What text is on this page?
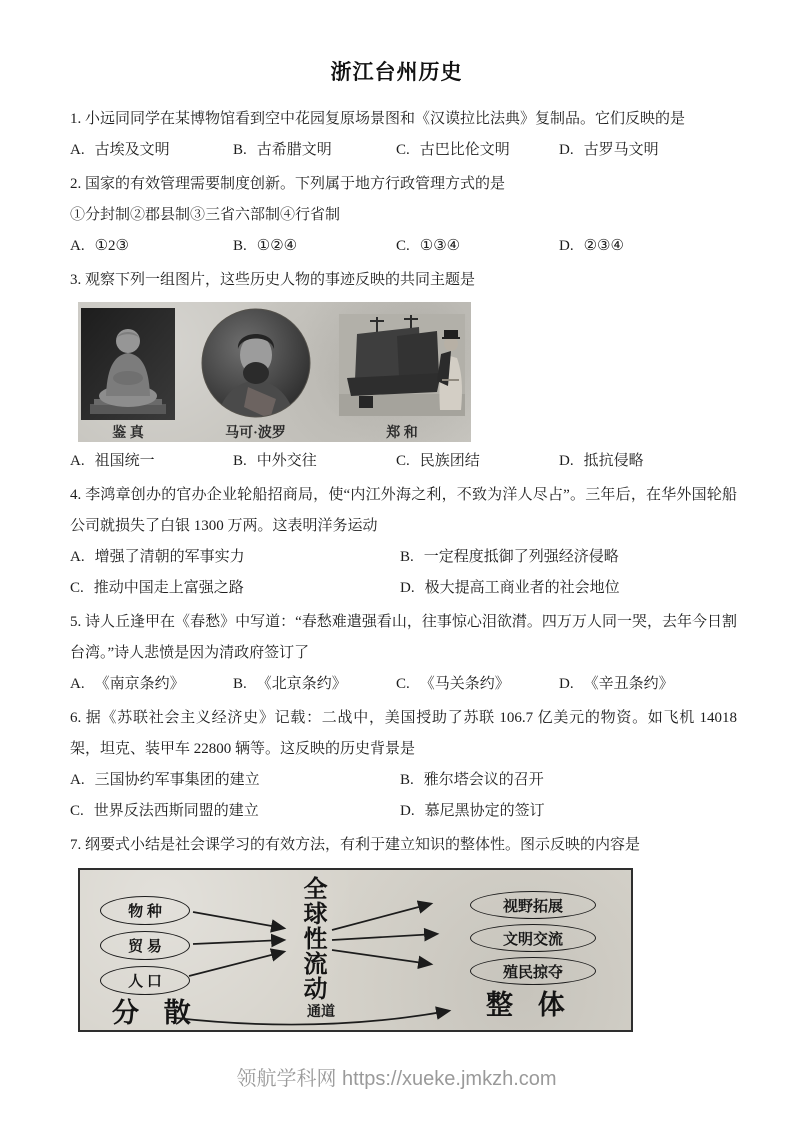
浙江台州历史

1. 小远同同学在某博物馆看到空中花园复原场景图和《汉谟拉比法典》复制品。它们反映的是

A. 古埃及文明	B. 古希腊文明	C. 古巴比伦文明	D. 古罗马文明

2. 国家的有效管理需要制度创新。下列属于地方行政管理方式的是

①分封制②郡县制③三省六部制④行省制

A. ①2③	B. ①②④	C. ①③④	D. ②③④

3. 观察下列一组图片，这些历史人物的事迹反映的共同主题是

鉴 真	马可·波罗	郑 和
A. 祖国统一	B. 中外交往	C. 民族团结	D. 抵抗侵略

4. 李鸿章创办的官办企业轮船招商局，使“内江外海之利，不致为洋人尽占”。三年后，在华外国轮船公司就损失了白银 1300 万两。这表明洋务运动

A. 增强了清朝的军事实力	B. 一定程度抵御了列强经济侵略
C. 推动中国走上富强之路	D. 极大提高工商业者的社会地位

5. 诗人丘逢甲在《春愁》中写道：“春愁难遣强看山，往事惊心泪欲潸。四万万人同一哭，去年今日割台湾。”诗人悲愤是因为清政府签订了

A. 《南京条约》	B. 《北京条约》	C. 《马关条约》	D. 《辛丑条约》

6. 据《苏联社会主义经济史》记载：二战中，美国授助了苏联 106.7 亿美元的物资。如飞机 14018 架，坦克、装甲车 22800 辆等。这反映的历史背景是

A. 三国协约军事集团的建立	B. 雅尔塔会议的召开
C. 世界反法西斯同盟的建立	D. 慕尼黑协定的签订

7. 纲要式小结是社会课学习的有效方法，有利于建立知识的整体性。图示反映的内容是

物 种
贸 易
人 口
分 散
全球性流动
通道
视野拓展
文明交流
殖民掠夺
整 体
领航学科网 https://xueke.jmkzh.com
